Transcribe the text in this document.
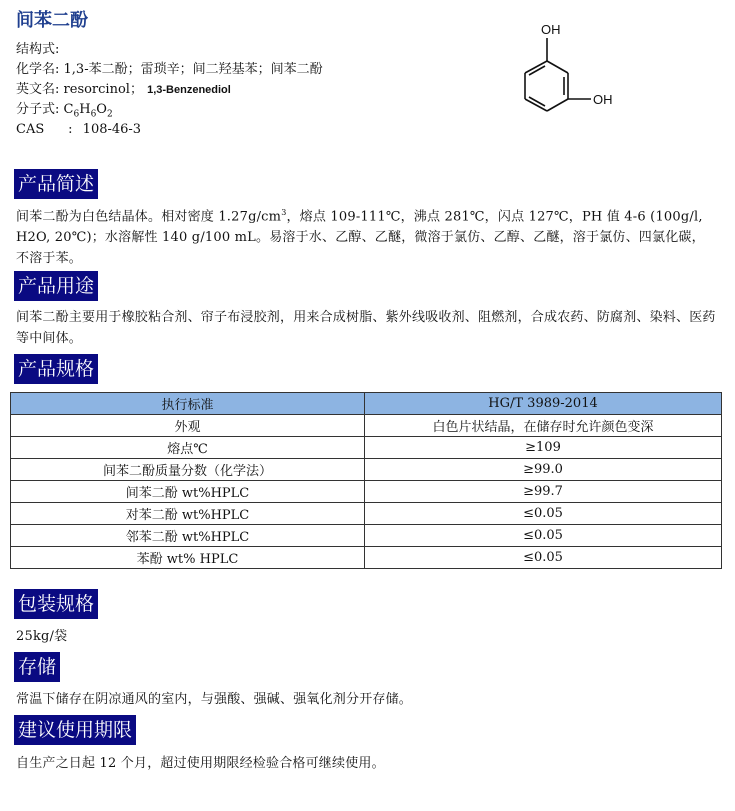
间苯二酚
结构式:
化学名: 1,3-苯二酚；雷琐辛；间二羟基苯；间苯二酚
英文名: resorcinol； 1,3-Benzenediol
分子式: $C_6H_6O_2$
CAS : 108-46-3
OH
OH
产品简述
间苯二酚为白色结晶体。相对密度 $1.27g/cm^3$，熔点 109-111℃，沸点 281℃，闪点 127℃，PH 值 4-6 (100g/l, H2O, 20℃)；水溶解性 140 g/100 mL。易溶于水、乙醇、乙醚，微溶于氯仿、乙醇、乙醚，溶于氯仿、四氯化碳，不溶于苯。
产品用途
间苯二酚主要用于橡胶粘合剂、帘子布浸胶剂，用来合成树脂、紫外线吸收剂、阻燃剂，合成农药、防腐剂、染料、医药等中间体。
产品规格
执行标准	HG/T 3989-2014
外观	白色片状结晶，在储存时允许颜色变深
熔点℃	≥109
间苯二酚质量分数（化学法）	≥99.0
间苯二酚 wt%HPLC	≥99.7
对苯二酚 wt%HPLC	≤0.05
邻苯二酚 wt%HPLC	≤0.05
苯酚 wt% HPLC	≤0.05
包装规格
25kg/袋
存储
常温下储存在阴凉通风的室内，与强酸、强碱、强氧化剂分开存储。
建议使用期限
自生产之日起 12 个月，超过使用期限经检验合格可继续使用。
